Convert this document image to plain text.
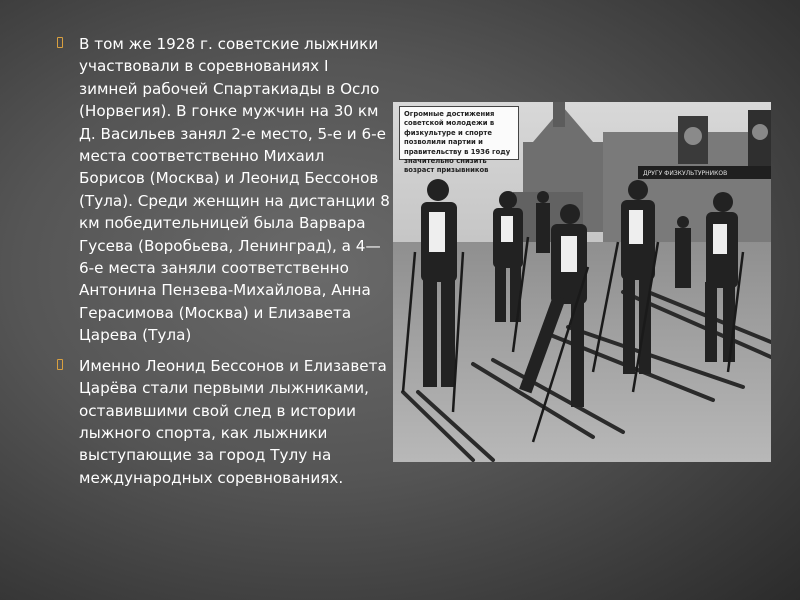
В том же 1928 г. советские лыжники участвовали в соревнованиях I зимней рабочей Спартакиады в Осло (Норвегия). В гонке мужчин на 30 км Д. Васильев занял 2-е место, 5-е и 6-е места соответственно Михаил Борисов (Москва) и Леонид Бессонов (Тула). Среди женщин на дистанции 8 км победительницей была Варвара Гусева (Воробьева, Ленинград), а 4—6-е места заняли соответственно Антонина Пензева-Михайлова, Анна Герасимова (Москва) и Елизавета Царева (Тула)
Именно Леонид Бессонов и Елизавета Царёва стали первыми лыжниками, оставившими свой след в истории лыжного спорта, как лыжники выступающие за город Тулу на международных соревнованиях.
ДРУГУ ФИЗКУЛЬТУРНИКОВ
Огромные достижения советской молодежи в физкультуре и спорте позволили партии и правительству в 1936 году значительно снизить возраст призывников
